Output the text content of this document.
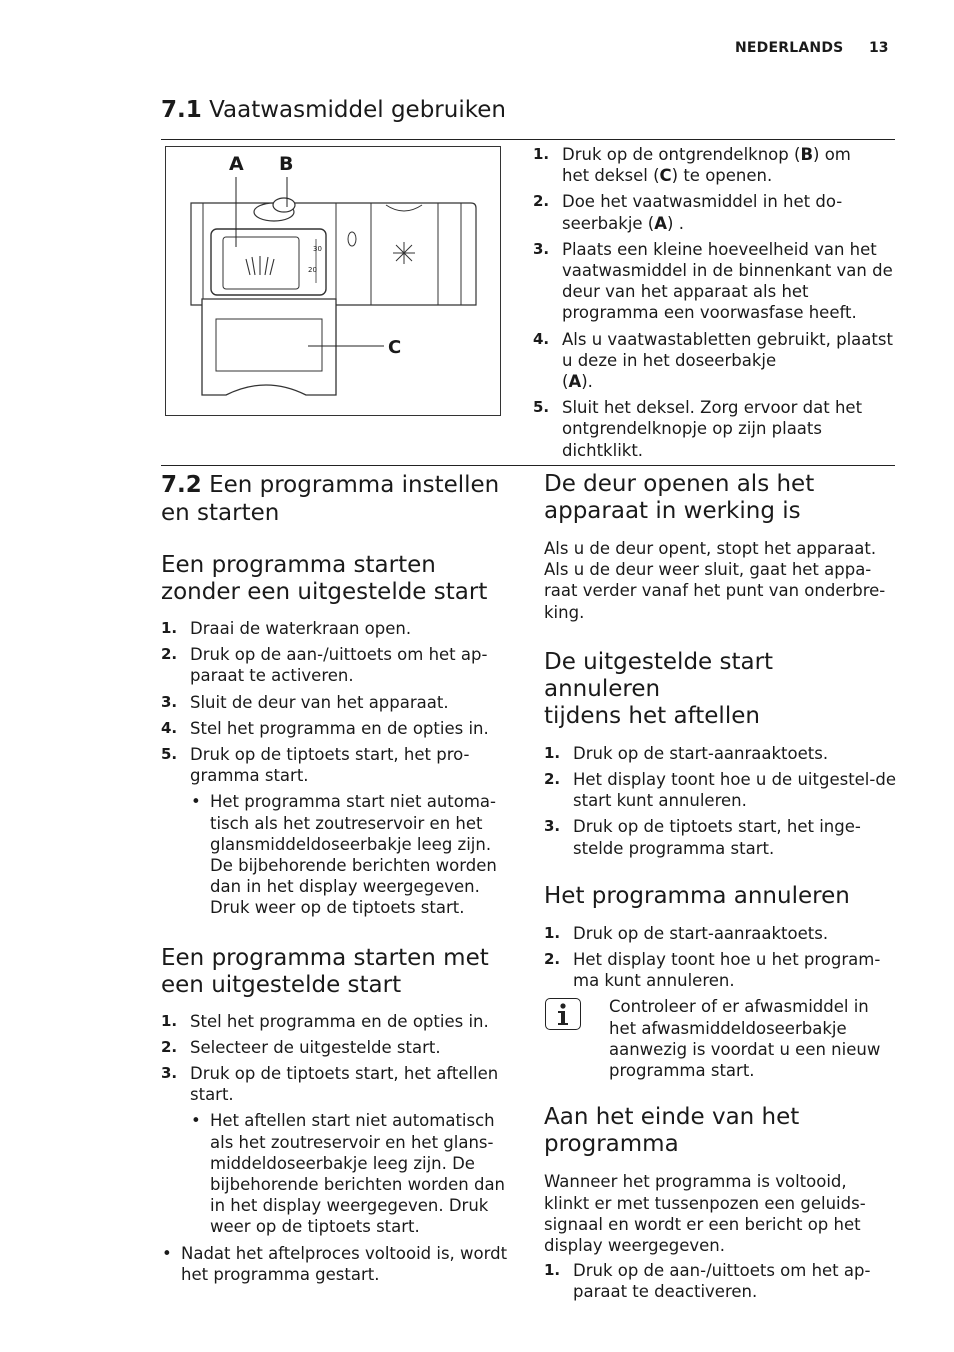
NEDERLANDS 13
7.1 Vaatwasmiddel gebruiken
A B
C
30
20
1. Druk op de ontgrendelknop (B) om
het deksel (C) te openen.
2. Doe het vaatwasmiddel in het do-
seerbakje (A) .
3. Plaats een kleine hoeveelheid van het vaatwasmiddel in de binnenkant van de deur van het apparaat als het programma een voorwasfase heeft.
4. Als u vaatwastabletten gebruikt, plaatst u deze in het doseerbakje
(A).
5. Sluit het deksel. Zorg ervoor dat het ontgrendelknopje op zijn plaats dichtklikt.
7.2 Een programma instellen
en starten
Een programma starten
zonder een uitgestelde start
1. Draai de waterkraan open.
2. Druk op de aan-/uittoets om het ap-paraat te activeren.
3. Sluit de deur van het apparaat.
4. Stel het programma en de opties in.
5. Druk op de tiptoets start, het pro-gramma start.
• Het programma start niet automa-tisch als het zoutreservoir en het glansmiddeldoseerbakje leeg zijn. De bijbehorende berichten worden dan in het display weergegeven. Druk weer op de tiptoets start.
Een programma starten met
een uitgestelde start
1. Stel het programma en de opties in.
2. Selecteer de uitgestelde start.
3. Druk op de tiptoets start, het aftellen start.
• Het aftellen start niet automatisch als het zoutreservoir en het glans-middeldoseerbakje leeg zijn. De bijbehorende berichten worden dan in het display weergegeven. Druk weer op de tiptoets start.
• Nadat het aftelproces voltooid is, wordt het programma gestart.
De deur openen als het
apparaat in werking is
Als u de deur opent, stopt het apparaat. Als u de deur weer sluit, gaat het appa-raat verder vanaf het punt van onderbre-king.
De uitgestelde start annuleren
tijdens het aftellen
1. Druk op de start-aanraaktoets.
2. Het display toont hoe u de uitgestel-de start kunt annuleren.
3. Druk op de tiptoets start, het inge-stelde programma start.
Het programma annuleren
1. Druk op de start-aanraaktoets.
2. Het display toont hoe u het program-ma kunt annuleren.
Controleer of er afwasmiddel in het afwasmiddeldoseerbakje aanwezig is voordat u een nieuw programma start.
Aan het einde van het
programma
Wanneer het programma is voltooid, klinkt er met tussenpozen een geluids-signaal en wordt er een bericht op het display weergegeven.
1. Druk op de aan-/uittoets om het ap-paraat te deactiveren.
